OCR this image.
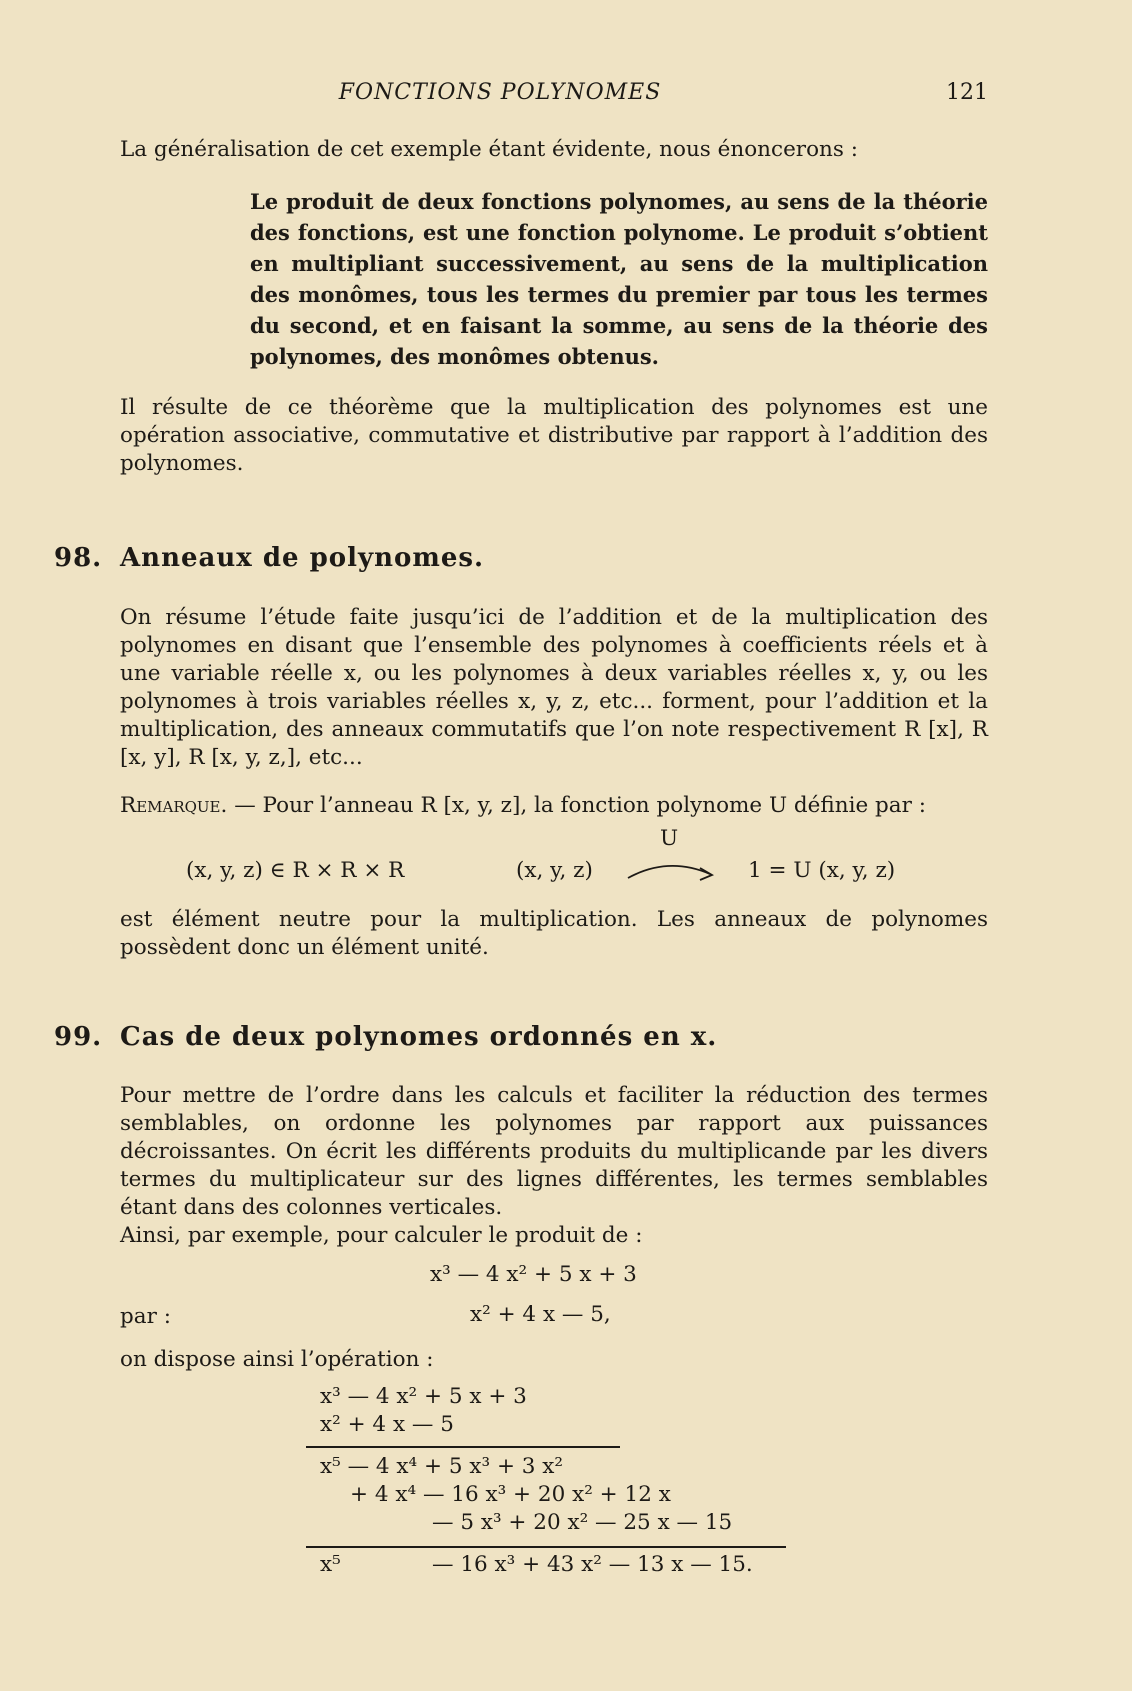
FONCTIONS POLYNOMES	121
La généralisation de cet exemple étant évidente, nous énoncerons :
Le produit de deux fonctions polynomes, au sens de la théorie des fonctions, est une fonction polynome. Le produit s’obtient en multipliant successivement, au sens de la multiplication des monômes, tous les termes du premier par tous les termes du second, et en faisant la somme, au sens de la théorie des polynomes, des monômes obtenus.
Il résulte de ce théorème que la multiplication des polynomes est une opération associative, commutative et distributive par rapport à l’addition des polynomes.
98. Anneaux de polynomes.
On résume l’étude faite jusqu’ici de l’addition et de la multiplication des polynomes en disant que l’ensemble des polynomes à coefficients réels et à une variable réelle x, ou les polynomes à deux variables réelles x, y, ou les polynomes à trois variables réelles x, y, z, etc... forment, pour l’addition et la multiplication, des anneaux commutatifs que l’on note respectivement R [x], R [x, y], R [x, y, z,], etc...
Remarque. — Pour l’anneau R [x, y, z], la fonction polynome U définie par :
U
(x, y, z) ∈ R × R × R	(x, y, z)	1 = U (x, y, z)
est élément neutre pour la multiplication. Les anneaux de polynomes possèdent donc un élément unité.
99. Cas de deux polynomes ordonnés en x.
Pour mettre de l’ordre dans les calculs et faciliter la réduction des termes semblables, on ordonne les polynomes par rapport aux puissances décroissantes. On écrit les différents produits du multiplicande par les divers termes du multiplicateur sur des lignes différentes, les termes semblables étant dans des colonnes verticales.
Ainsi, par exemple, pour calculer le produit de :
x³ — 4 x² + 5 x + 3
par :	x² + 4 x — 5,
on dispose ainsi l’opération :
x³ — 4 x² + 5 x + 3
x² + 4 x — 5
x⁵ — 4 x⁴ + 5 x³ + 3 x²
+ 4 x⁴ — 16 x³ + 20 x² + 12 x
— 5 x³ + 20 x² — 25 x — 15
x⁵	— 16 x³ + 43 x² — 13 x — 15.
